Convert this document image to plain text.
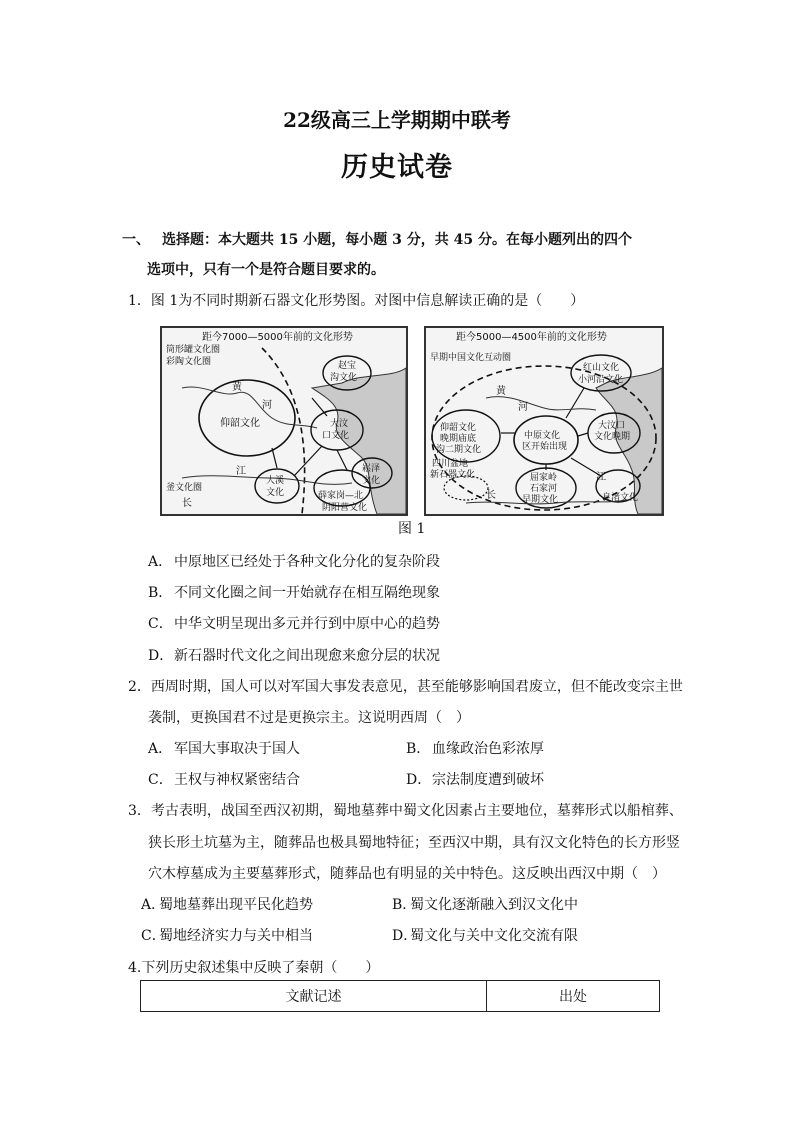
22级高三上学期期中联考
历史试卷
一、 选择题：本大题共 15 小题，每小题 3 分，共 45 分。在每小题列出的四个
选项中，只有一个是符合题目要求的。
1．图 1为不同时期新石器文化形势图。对图中信息解读正确的是（　　）
距今7000—5000年前的文化形势
筒形罐文化圈
彩陶文化圈
釜文化圈
赵宝
沟文化
仰韶文化	大汶
口文化
大溪
文化
崧泽
文化
薛家岗—北
阴阳营文化
黄
河
江
长
距今5000—4500年前的文化形势
早期中国文化互动圈
红山文化
小河沿文化
仰韶文化
晚期庙底
沟二期文化
中原文化
区开始出现
大汶口
文化晚期
四川盆地
新石器文化	屈家岭
石家河
早期文化	良渚文化
黄
河
江
长
图 1
A． 中原地区已经处于各种文化分化的复杂阶段
B． 不同文化圈之间一开始就存在相互隔绝现象
C．中华文明呈现出多元并行到中原中心的趋势
D．新石器时代文化之间出现愈来愈分层的状况
2．西周时期，国人可以对军国大事发表意见，甚至能够影响国君废立，但不能改变宗主世
袭制，更换国君不过是更换宗主。这说明西周（　）
A． 军国大事取决于国人	B． 血缘政治色彩浓厚
C．王权与神权紧密结合	D．宗法制度遭到破坏
3．考古表明，战国至西汉初期，蜀地墓葬中蜀文化因素占主要地位，墓葬形式以船棺葬、
狭长形土坑墓为主，随葬品也极具蜀地特征；至西汉中期，具有汉文化特色的长方形竖
穴木椁墓成为主要墓葬形式，随葬品也有明显的关中特色。这反映出西汉中期（　）
A．蜀地墓葬出现平民化趋势	B．蜀文化逐渐融入到汉文化中
C．蜀地经济实力与关中相当	D．蜀文化与关中文化交流有限
4.下列历史叙述集中反映了秦朝（　　）
文献记述	出处
